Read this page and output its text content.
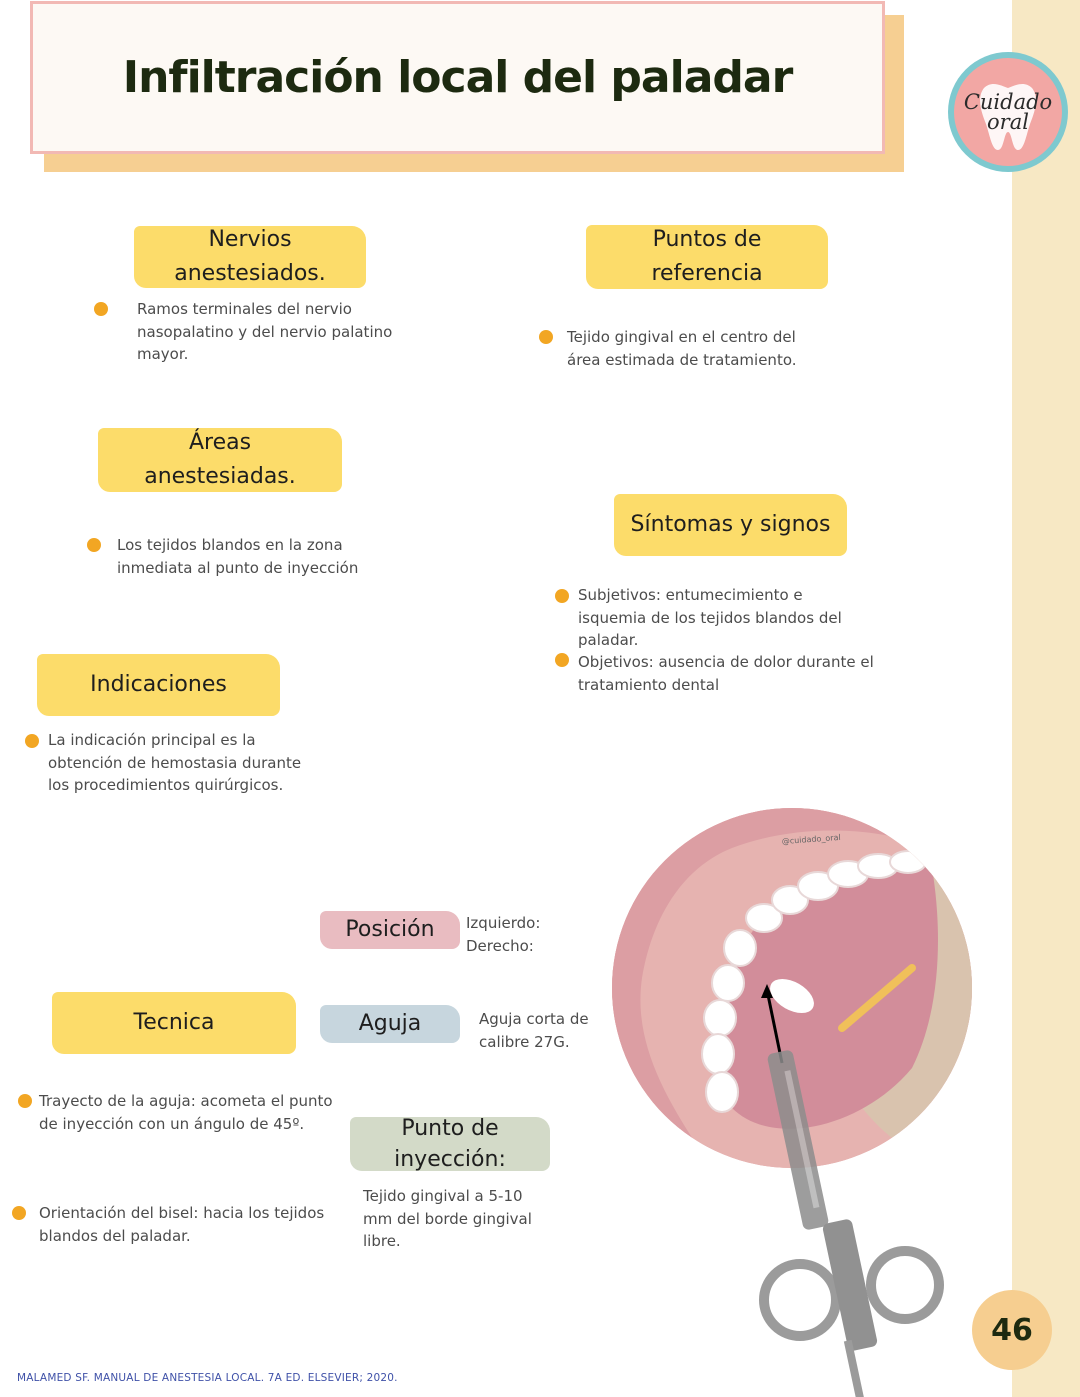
Infiltración local del paladar	Cuidado
oral
Nervios anestesiados.
Ramos terminales del nervio nasopalatino y del nervio palatino mayor.
Puntos de referencia
Tejido gingival en el centro del área estimada de tratamiento.
Áreas
anestesiadas.
Los tejidos blandos en la zona inmediata al punto de inyección
Síntomas y signos
Subjetivos: entumecimiento e isquemia de los tejidos blandos del paladar.
Objetivos: ausencia de dolor durante el tratamiento dental
Indicaciones
La indicación principal es la obtención de hemostasia durante los procedimientos quirúrgicos.
Posición Izquierdo:
Derecho:
Tecnica	Aguja	Aguja corta de calibre 27G.
Trayecto de la aguja: acometa el punto de inyección con un ángulo de 45º.
Orientación del bisel: hacia los tejidos blandos del paladar.
Punto de inyección:
Tejido gingival a 5-10 mm del borde gingival libre.
@cuidado_oral
46
MALAMED SF. MANUAL DE ANESTESIA LOCAL. 7A ED. ELSEVIER; 2020.
